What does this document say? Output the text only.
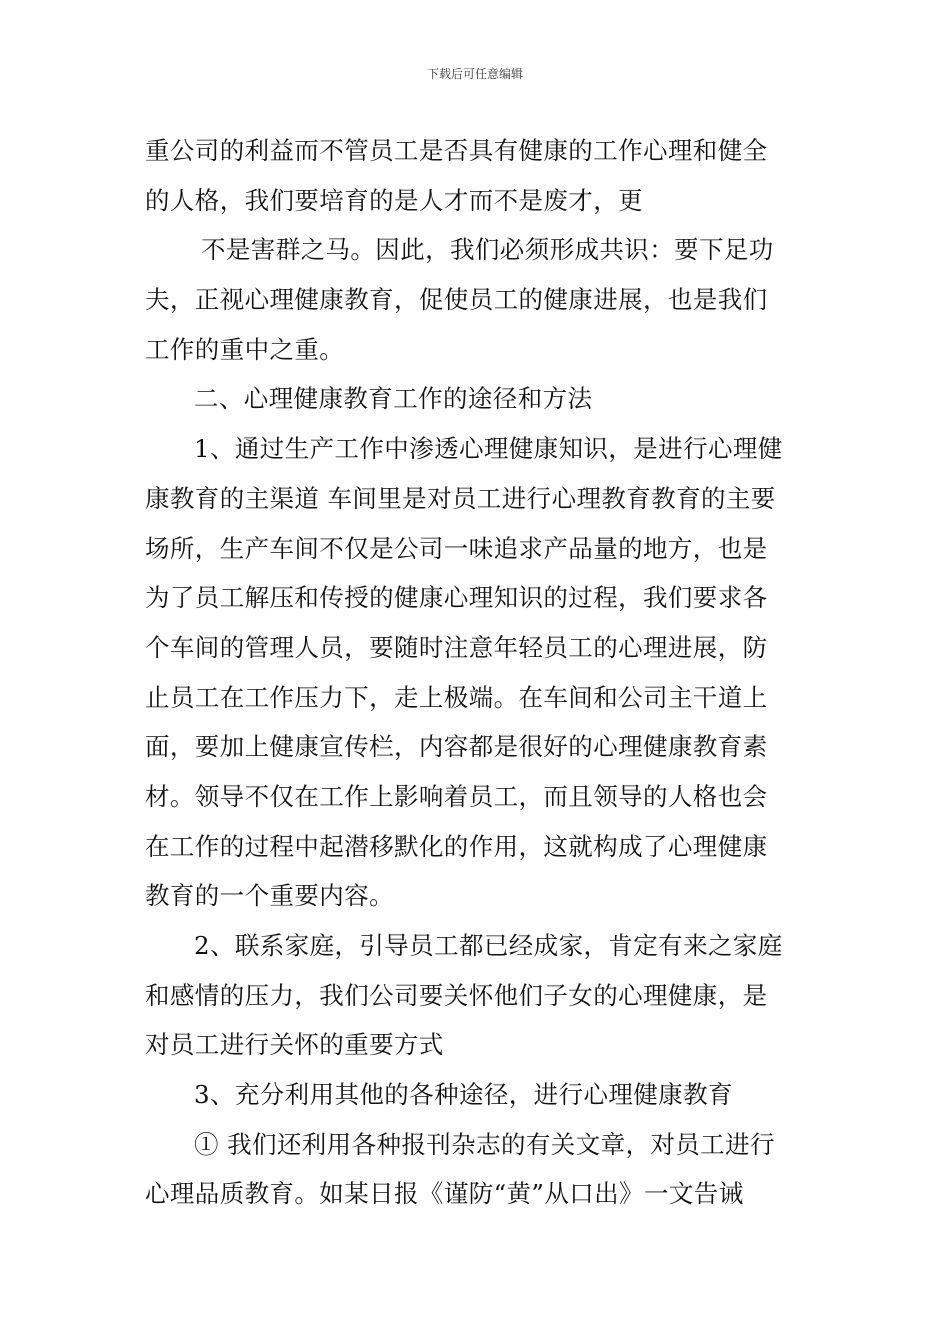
下载后可任意编辑
重公司的利益而不管员工是否具有健康的工作心理和健全
的人格，我们要培育的是人才而不是废才，更
不是害群之马。因此，我们必须形成共识：要下足功
夫，正视心理健康教育，促使员工的健康进展，也是我们
工作的重中之重。
二、心理健康教育工作的途径和方法
1、通过生产工作中渗透心理健康知识，是进行心理健
康教育的主渠道 车间里是对员工进行心理教育教育的主要
场所，生产车间不仅是公司一味追求产品量的地方，也是
为了员工解压和传授的健康心理知识的过程，我们要求各
个车间的管理人员，要随时注意年轻员工的心理进展，防
止员工在工作压力下，走上极端。在车间和公司主干道上
面，要加上健康宣传栏，内容都是很好的心理健康教育素
材。领导不仅在工作上影响着员工，而且领导的人格也会
在工作的过程中起潜移默化的作用，这就构成了心理健康
教育的一个重要内容。
2、联系家庭，引导员工都已经成家，肯定有来之家庭
和感情的压力，我们公司要关怀他们子女的心理健康，是
对员工进行关怀的重要方式
3、充分利用其他的各种途径，进行心理健康教育
① 我们还利用各种报刊杂志的有关文章，对员工进行
心理品质教育。如某日报《谨防“黄”从口出》一文告诫
